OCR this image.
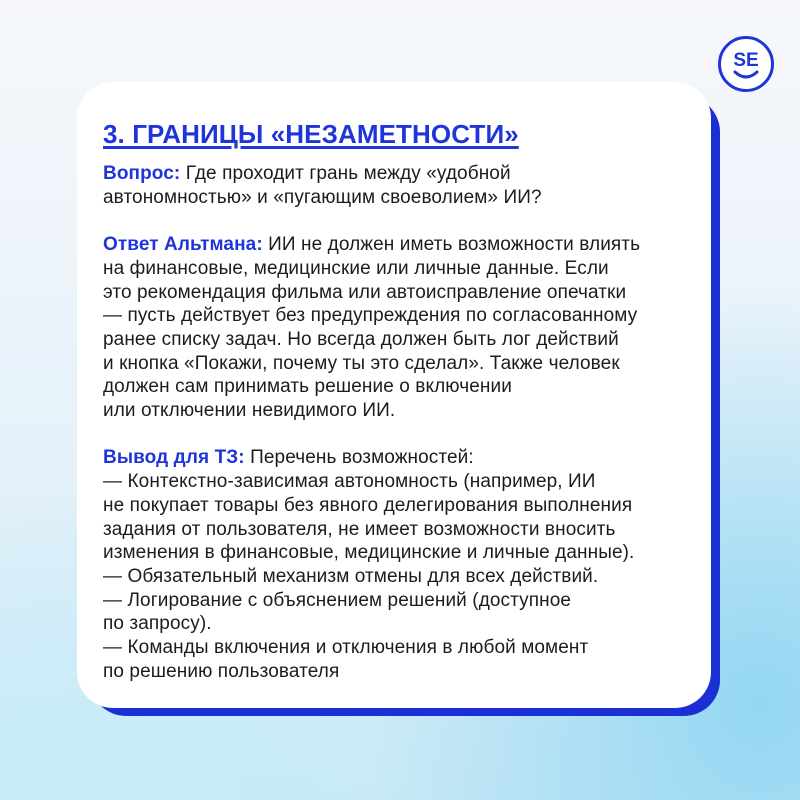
SE
3. ГРАНИЦЫ «НЕЗАМЕТНОСТИ»
Вопрос: Где проходит грань между «удобной
автономностью» и «пугающим своеволием» ИИ?
Ответ Альтмана: ИИ не должен иметь возможности влиять
на финансовые, медицинские или личные данные. Если
это рекомендация фильма или автоисправление опечатки
— пусть действует без предупреждения по согласованному
ранее списку задач. Но всегда должен быть лог действий
и кнопка «Покажи, почему ты это сделал». Также человек
должен сам принимать решение о включении
или отключении невидимого ИИ.
Вывод для ТЗ: Перечень возможностей:
— Контекстно-зависимая автономность (например, ИИ
не покупает товары без явного делегирования выполнения
задания от пользователя, не имеет возможности вносить
изменения в финансовые, медицинские и личные данные).
— Обязательный механизм отмены для всех действий.
— Логирование с объяснением решений (доступное
по запросу).
— Команды включения и отключения в любой момент
по решению пользователя
